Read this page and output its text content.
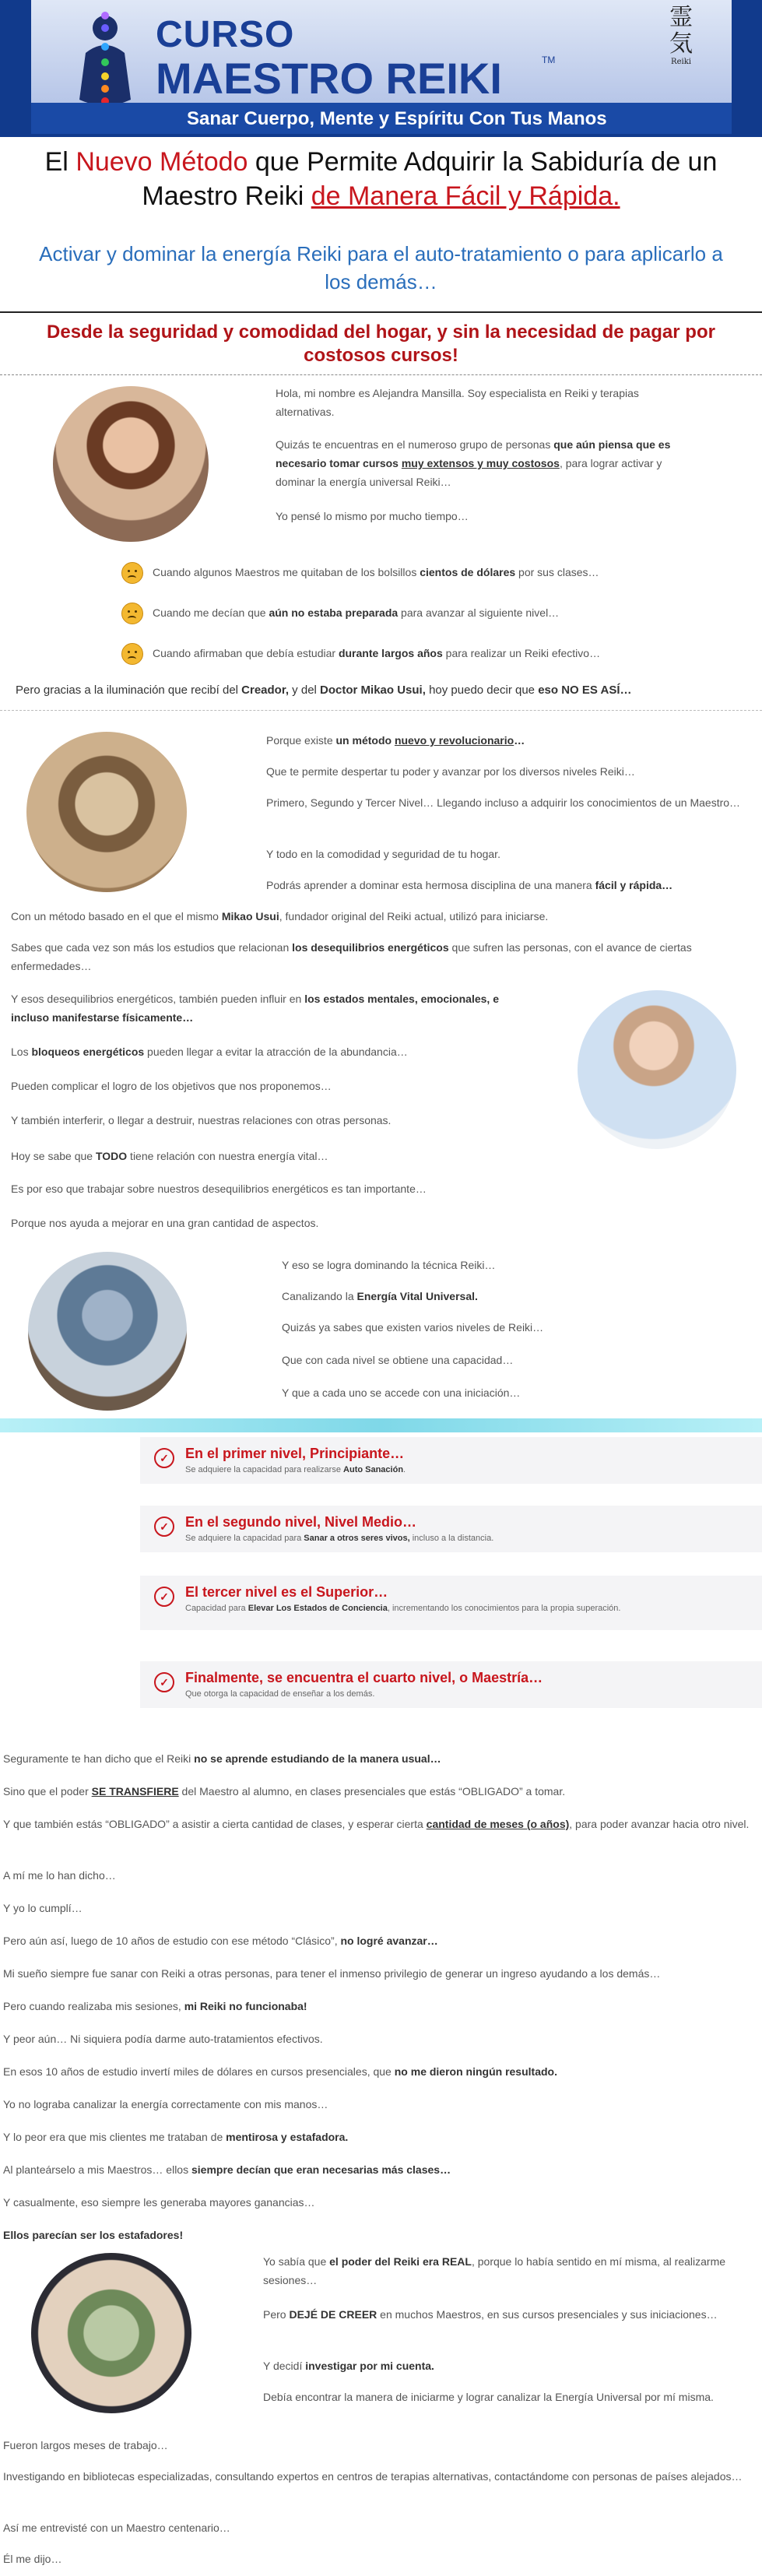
CURSO
MAESTRO REIKI	TM
霊
気
Reiki
Sanar Cuerpo, Mente y Espíritu Con Tus Manos
El Nuevo Método que Permite Adquirir la Sabiduría de un Maestro Reiki de Manera Fácil y Rápida.
Activar y dominar la energía Reiki para el auto-tratamiento o para aplicarlo a los demás…
Desde la seguridad y comodidad del hogar, y sin la necesidad de pagar por costosos cursos!
Hola, mi nombre es Alejandra Mansilla. Soy especialista en Reiki y terapias alternativas.
Quizás te encuentras en el numeroso grupo de personas que aún piensa que es necesario tomar cursos muy extensos y muy costosos, para lograr activar y dominar la energía universal Reiki…
Yo pensé lo mismo por mucho tiempo…
Cuando algunos Maestros me quitaban de los bolsillos cientos de dólares por sus clases…
Cuando me decían que aún no estaba preparada para avanzar al siguiente nivel…
Cuando afirmaban que debía estudiar durante largos años para realizar un Reiki efectivo…
Pero gracias a la iluminación que recibí del Creador, y del Doctor Mikao Usui, hoy puedo decir que eso NO ES ASÍ…
Porque existe un método nuevo y revolucionario…
Que te permite despertar tu poder y avanzar por los diversos niveles Reiki…
Primero, Segundo y Tercer Nivel… Llegando incluso a adquirir los conocimientos de un Maestro…
Y todo en la comodidad y seguridad de tu hogar.
Podrás aprender a dominar esta hermosa disciplina de una manera fácil y rápida…
Con un método basado en el que el mismo Mikao Usui, fundador original del Reiki actual, utilizó para iniciarse.
Sabes que cada vez son más los estudios que relacionan los desequilibrios energéticos que sufren las personas, con el avance de ciertas enfermedades…
Y esos desequilibrios energéticos, también pueden influir en los estados mentales, emocionales, e incluso manifestarse físicamente…
Los bloqueos energéticos pueden llegar a evitar la atracción de la abundancia…
Pueden complicar el logro de los objetivos que nos proponemos…
Y también interferir, o llegar a destruir, nuestras relaciones con otras personas.
Hoy se sabe que TODO tiene relación con nuestra energía vital…
Es por eso que trabajar sobre nuestros desequilibrios energéticos es tan importante…
Porque nos ayuda a mejorar en una gran cantidad de aspectos.
Y eso se logra dominando la técnica Reiki…
Canalizando la Energía Vital Universal.
Quizás ya sabes que existen varios niveles de Reiki…
Que con cada nivel se obtiene una capacidad…
Y que a cada uno se accede con una iniciación…
✓	En el primer nivel, Principiante…
Se adquiere la capacidad para realizarse Auto Sanación.
✓	En el segundo nivel, Nivel Medio…
Se adquiere la capacidad para Sanar a otros seres vivos, incluso a la distancia.
✓	El tercer nivel es el Superior…
Capacidad para Elevar Los Estados de Conciencia, incrementando los conocimientos para la propia superación.
✓	Finalmente, se encuentra el cuarto nivel, o Maestría…
Que otorga la capacidad de enseñar a los demás.
Seguramente te han dicho que el Reiki no se aprende estudiando de la manera usual…
Sino que el poder SE TRANSFIERE del Maestro al alumno, en clases presenciales que estás “OBLIGADO” a tomar.
Y que también estás “OBLIGADO” a asistir a cierta cantidad de clases, y esperar cierta cantidad de meses (o años), para poder avanzar hacia otro nivel.
A mí me lo han dicho…
Y yo lo cumplí…
Pero aún así, luego de 10 años de estudio con ese método “Clásico”, no logré avanzar…
Mi sueño siempre fue sanar con Reiki a otras personas, para tener el inmenso privilegio de generar un ingreso ayudando a los demás…
Pero cuando realizaba mis sesiones, mi Reiki no funcionaba!
Y peor aún… Ni siquiera podía darme auto-tratamientos efectivos.
En esos 10 años de estudio invertí miles de dólares en cursos presenciales, que no me dieron ningún resultado.
Yo no lograba canalizar la energía correctamente con mis manos…
Y lo peor era que mis clientes me trataban de mentirosa y estafadora.
Al planteárselo a mis Maestros… ellos siempre decían que eran necesarias más clases…
Y casualmente, eso siempre les generaba mayores ganancias…
Ellos parecían ser los estafadores!
Yo sabía que el poder del Reiki era REAL, porque lo había sentido en mí misma, al realizarme sesiones…
Pero DEJÉ DE CREER en muchos Maestros, en sus cursos presenciales y sus iniciaciones…
Y decidí investigar por mi cuenta.
Debía encontrar la manera de iniciarme y lograr canalizar la Energía Universal por mí misma.
Fueron largos meses de trabajo…
Investigando en bibliotecas especializadas, consultando expertos en centros de terapias alternativas, contactándome con personas de países alejados…
Así me entrevisté con un Maestro centenario…
Él me dijo…
